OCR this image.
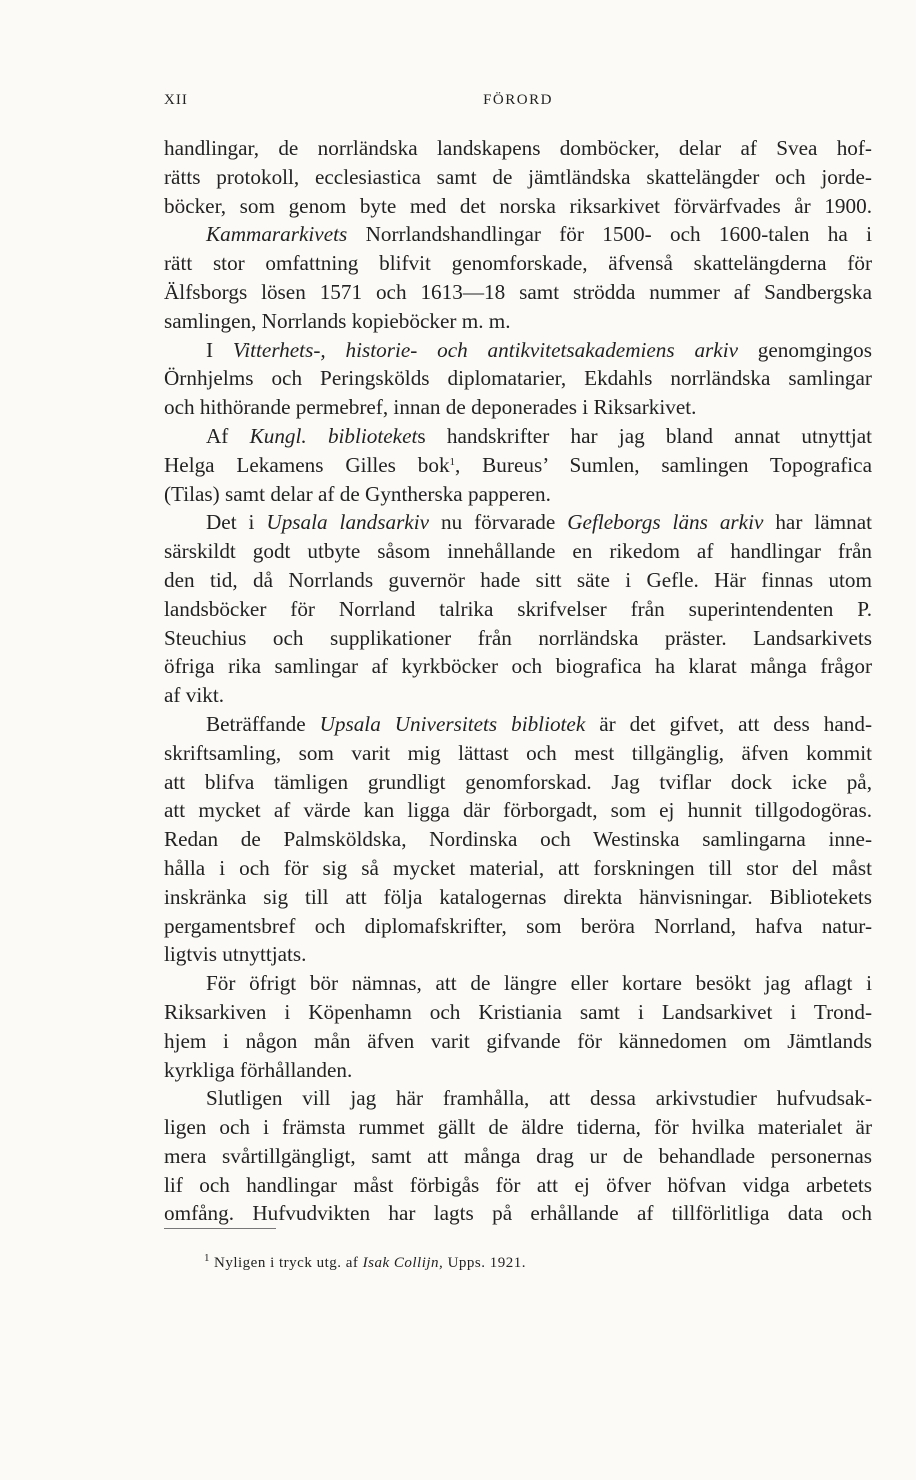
XII	FÖRORD
handlingar, de norrländska landskapens domböcker, delar af Svea hof-
rätts protokoll, ecclesiastica samt de jämtländska skattelängder och jorde-
böcker, som genom byte med det norska riksarkivet förvärfvades år 1900.
Kammararkivets Norrlandshandlingar för 1500- och 1600-talen ha i
rätt stor omfattning blifvit genomforskade, äfvenså skattelängderna för
Älfsborgs lösen 1571 och 1613—18 samt strödda nummer af Sandbergska
samlingen, Norrlands kopieböcker m. m.
I Vitterhets-, historie- och antikvitetsakademiens arkiv genomgingos
Örnhjelms och Peringskölds diplomatarier, Ekdahls norrländska samlingar
och hithörande permebref, innan de deponerades i Riksarkivet.
Af Kungl. bibliotekets handskrifter har jag bland annat utnyttjat
Helga Lekamens Gilles bok$^1$, Bureus’ Sumlen, samlingen Topografica
(Tilas) samt delar af de Gyntherska papperen.
Det i Upsala landsarkiv nu förvarade Gefleborgs läns arkiv har lämnat
särskildt godt utbyte såsom innehållande en rikedom af handlingar från
den tid, då Norrlands guvernör hade sitt säte i Gefle. Här finnas utom
landsböcker för Norrland talrika skrifvelser från superintendenten P.
Steuchius och supplikationer från norrländska präster. Landsarkivets
öfriga rika samlingar af kyrkböcker och biografica ha klarat många frågor
af vikt.
Beträffande Upsala Universitets bibliotek är det gifvet, att dess hand-
skriftsamling, som varit mig lättast och mest tillgänglig, äfven kommit
att blifva tämligen grundligt genomforskad. Jag tviflar dock icke på,
att mycket af värde kan ligga där förborgadt, som ej hunnit tillgodogöras.
Redan de Palmsköldska, Nordinska och Westinska samlingarna inne-
hålla i och för sig så mycket material, att forskningen till stor del måst
inskränka sig till att följa katalogernas direkta hänvisningar. Bibliotekets
pergamentsbref och diplomafskrifter, som beröra Norrland, hafva natur-
ligtvis utnyttjats.
För öfrigt bör nämnas, att de längre eller kortare besökt jag aflagt i
Riksarkiven i Köpenhamn och Kristiania samt i Landsarkivet i Trond-
hjem i någon mån äfven varit gifvande för kännedomen om Jämtlands
kyrkliga förhållanden.
Slutligen vill jag här framhålla, att dessa arkivstudier hufvudsak-
ligen och i främsta rummet gällt de äldre tiderna, för hvilka materialet är
mera svårtillgängligt, samt att många drag ur de behandlade personernas
lif och handlingar måst förbigås för att ej öfver höfvan vidga arbetets
omfång. Hufvudvikten har lagts på erhållande af tillförlitliga data och
$^1$ Nyligen i tryck utg. af Isak Collijn, Upps. 1921.
